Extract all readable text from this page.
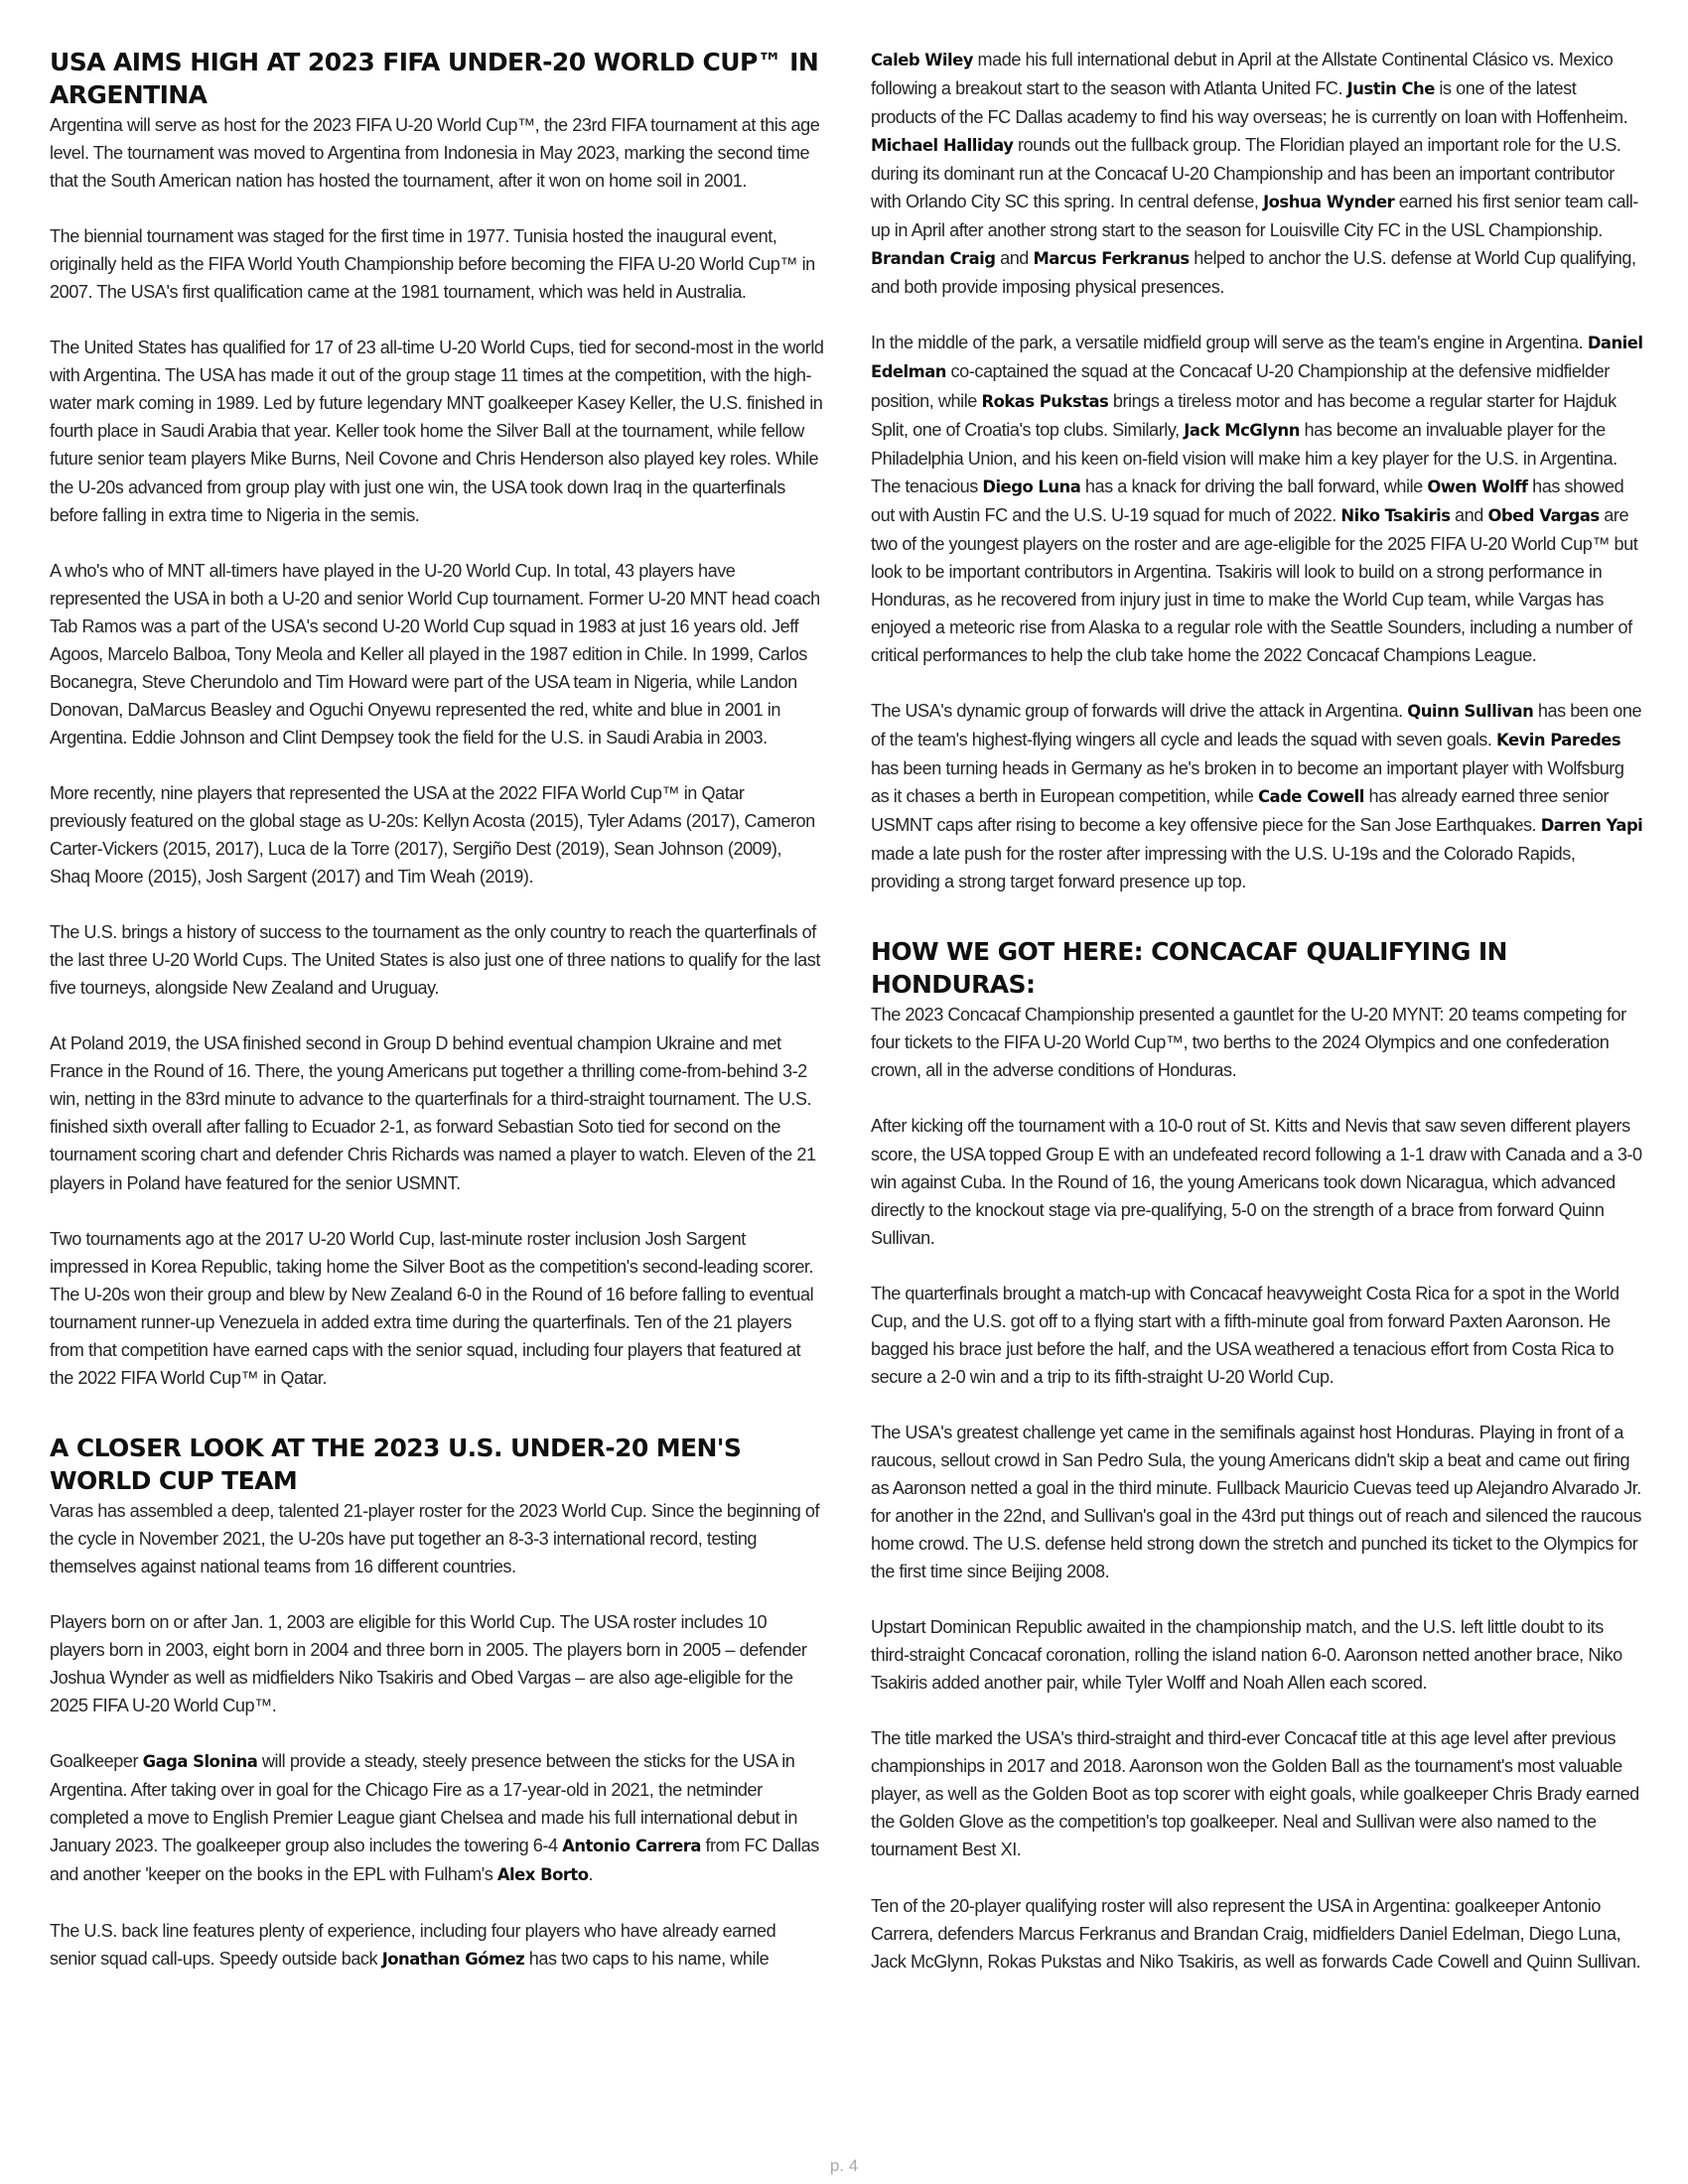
USA AIMS HIGH AT 2023 FIFA UNDER-20 WORLD CUP™ IN ARGENTINA

Argentina will serve as host for the 2023 FIFA U-20 World Cup™, the 23rd FIFA tournament at this age level. The tournament was moved to Argentina from Indonesia in May 2023, marking the second time that the South American nation has hosted the tournament, after it won on home soil in 2001.

The biennial tournament was staged for the first time in 1977. Tunisia hosted the inaugural event, originally held as the FIFA World Youth Championship before becoming the FIFA U-20 World Cup™ in 2007. The USA's first qualification came at the 1981 tournament, which was held in Australia.

The United States has qualified for 17 of 23 all-time U-20 World Cups, tied for second-most in the world with Argentina. The USA has made it out of the group stage 11 times at the competition, with the high-water mark coming in 1989. Led by future legendary MNT goalkeeper Kasey Keller, the U.S. finished in fourth place in Saudi Arabia that year. Keller took home the Silver Ball at the tournament, while fellow future senior team players Mike Burns, Neil Covone and Chris Henderson also played key roles. While the U-20s advanced from group play with just one win, the USA took down Iraq in the quarterfinals before falling in extra time to Nigeria in the semis.

A who's who of MNT all-timers have played in the U-20 World Cup. In total, 43 players have represented the USA in both a U-20 and senior World Cup tournament. Former U-20 MNT head coach Tab Ramos was a part of the USA's second U-20 World Cup squad in 1983 at just 16 years old. Jeff Agoos, Marcelo Balboa, Tony Meola and Keller all played in the 1987 edition in Chile. In 1999, Carlos Bocanegra, Steve Cherundolo and Tim Howard were part of the USA team in Nigeria, while Landon Donovan, DaMarcus Beasley and Oguchi Onyewu represented the red, white and blue in 2001 in Argentina. Eddie Johnson and Clint Dempsey took the field for the U.S. in Saudi Arabia in 2003.

More recently, nine players that represented the USA at the 2022 FIFA World Cup™ in Qatar previously featured on the global stage as U-20s: Kellyn Acosta (2015), Tyler Adams (2017), Cameron Carter-Vickers (2015, 2017), Luca de la Torre (2017), Sergiño Dest (2019), Sean Johnson (2009), Shaq Moore (2015), Josh Sargent (2017) and Tim Weah (2019).

The U.S. brings a history of success to the tournament as the only country to reach the quarterfinals of the last three U-20 World Cups. The United States is also just one of three nations to qualify for the last five tourneys, alongside New Zealand and Uruguay.

At Poland 2019, the USA finished second in Group D behind eventual champion Ukraine and met France in the Round of 16. There, the young Americans put together a thrilling come-from-behind 3-2 win, netting in the 83rd minute to advance to the quarterfinals for a third-straight tournament. The U.S. finished sixth overall after falling to Ecuador 2-1, as forward Sebastian Soto tied for second on the tournament scoring chart and defender Chris Richards was named a player to watch. Eleven of the 21 players in Poland have featured for the senior USMNT.

Two tournaments ago at the 2017 U-20 World Cup, last-minute roster inclusion Josh Sargent impressed in Korea Republic, taking home the Silver Boot as the competition's second-leading scorer. The U-20s won their group and blew by New Zealand 6-0 in the Round of 16 before falling to eventual tournament runner-up Venezuela in added extra time during the quarterfinals. Ten of the 21 players from that competition have earned caps with the senior squad, including four players that featured at the 2022 FIFA World Cup™ in Qatar.

A CLOSER LOOK AT THE 2023 U.S. UNDER-20 MEN'S WORLD CUP TEAM

Varas has assembled a deep, talented 21-player roster for the 2023 World Cup. Since the beginning of the cycle in November 2021, the U-20s have put together an 8-3-3 international record, testing themselves against national teams from 16 different countries.

Players born on or after Jan. 1, 2003 are eligible for this World Cup. The USA roster includes 10 players born in 2003, eight born in 2004 and three born in 2005. The players born in 2005 – defender Joshua Wynder as well as midfielders Niko Tsakiris and Obed Vargas – are also age-eligible for the 2025 FIFA U-20 World Cup™.

Goalkeeper Gaga Slonina will provide a steady, steely presence between the sticks for the USA in Argentina. After taking over in goal for the Chicago Fire as a 17-year-old in 2021, the netminder completed a move to English Premier League giant Chelsea and made his full international debut in January 2023. The goalkeeper group also includes the towering 6-4 Antonio Carrera from FC Dallas and another 'keeper on the books in the EPL with Fulham's Alex Borto.

The U.S. back line features plenty of experience, including four players who have already earned senior squad call-ups. Speedy outside back Jonathan Gómez has two caps to his name, while

Caleb Wiley made his full international debut in April at the Allstate Continental Clásico vs. Mexico following a breakout start to the season with Atlanta United FC. Justin Che is one of the latest products of the FC Dallas academy to find his way overseas; he is currently on loan with Hoffenheim. Michael Halliday rounds out the fullback group. The Floridian played an important role for the U.S. during its dominant run at the Concacaf U-20 Championship and has been an important contributor with Orlando City SC this spring. In central defense, Joshua Wynder earned his first senior team call-up in April after another strong start to the season for Louisville City FC in the USL Championship. Brandan Craig and Marcus Ferkranus helped to anchor the U.S. defense at World Cup qualifying, and both provide imposing physical presences.

In the middle of the park, a versatile midfield group will serve as the team's engine in Argentina. Daniel Edelman co-captained the squad at the Concacaf U-20 Championship at the defensive midfielder position, while Rokas Pukstas brings a tireless motor and has become a regular starter for Hajduk Split, one of Croatia's top clubs. Similarly, Jack McGlynn has become an invaluable player for the Philadelphia Union, and his keen on-field vision will make him a key player for the U.S. in Argentina. The tenacious Diego Luna has a knack for driving the ball forward, while Owen Wolff has showed out with Austin FC and the U.S. U-19 squad for much of 2022. Niko Tsakiris and Obed Vargas are two of the youngest players on the roster and are age-eligible for the 2025 FIFA U-20 World Cup™ but look to be important contributors in Argentina. Tsakiris will look to build on a strong performance in Honduras, as he recovered from injury just in time to make the World Cup team, while Vargas has enjoyed a meteoric rise from Alaska to a regular role with the Seattle Sounders, including a number of critical performances to help the club take home the 2022 Concacaf Champions League.

The USA's dynamic group of forwards will drive the attack in Argentina. Quinn Sullivan has been one of the team's highest-flying wingers all cycle and leads the squad with seven goals. Kevin Paredes has been turning heads in Germany as he's broken in to become an important player with Wolfsburg as it chases a berth in European competition, while Cade Cowell has already earned three senior USMNT caps after rising to become a key offensive piece for the San Jose Earthquakes. Darren Yapi made a late push for the roster after impressing with the U.S. U-19s and the Colorado Rapids, providing a strong target forward presence up top.

HOW WE GOT HERE: CONCACAF QUALIFYING IN HONDURAS:

The 2023 Concacaf Championship presented a gauntlet for the U-20 MYNT: 20 teams competing for four tickets to the FIFA U-20 World Cup™, two berths to the 2024 Olympics and one confederation crown, all in the adverse conditions of Honduras.

After kicking off the tournament with a 10-0 rout of St. Kitts and Nevis that saw seven different players score, the USA topped Group E with an undefeated record following a 1-1 draw with Canada and a 3-0 win against Cuba. In the Round of 16, the young Americans took down Nicaragua, which advanced directly to the knockout stage via pre-qualifying, 5-0 on the strength of a brace from forward Quinn Sullivan.

The quarterfinals brought a match-up with Concacaf heavyweight Costa Rica for a spot in the World Cup, and the U.S. got off to a flying start with a fifth-minute goal from forward Paxten Aaronson. He bagged his brace just before the half, and the USA weathered a tenacious effort from Costa Rica to secure a 2-0 win and a trip to its fifth-straight U-20 World Cup.

The USA's greatest challenge yet came in the semifinals against host Honduras. Playing in front of a raucous, sellout crowd in San Pedro Sula, the young Americans didn't skip a beat and came out firing as Aaronson netted a goal in the third minute. Fullback Mauricio Cuevas teed up Alejandro Alvarado Jr. for another in the 22nd, and Sullivan's goal in the 43rd put things out of reach and silenced the raucous home crowd. The U.S. defense held strong down the stretch and punched its ticket to the Olympics for the first time since Beijing 2008.

Upstart Dominican Republic awaited in the championship match, and the U.S. left little doubt to its third-straight Concacaf coronation, rolling the island nation 6-0. Aaronson netted another brace, Niko Tsakiris added another pair, while Tyler Wolff and Noah Allen each scored.

The title marked the USA's third-straight and third-ever Concacaf title at this age level after previous championships in 2017 and 2018. Aaronson won the Golden Ball as the tournament's most valuable player, as well as the Golden Boot as top scorer with eight goals, while goalkeeper Chris Brady earned the Golden Glove as the competition's top goalkeeper. Neal and Sullivan were also named to the tournament Best XI.

Ten of the 20-player qualifying roster will also represent the USA in Argentina: goalkeeper Antonio Carrera, defenders Marcus Ferkranus and Brandan Craig, midfielders Daniel Edelman, Diego Luna, Jack McGlynn, Rokas Pukstas and Niko Tsakiris, as well as forwards Cade Cowell and Quinn Sullivan.

p. 4
